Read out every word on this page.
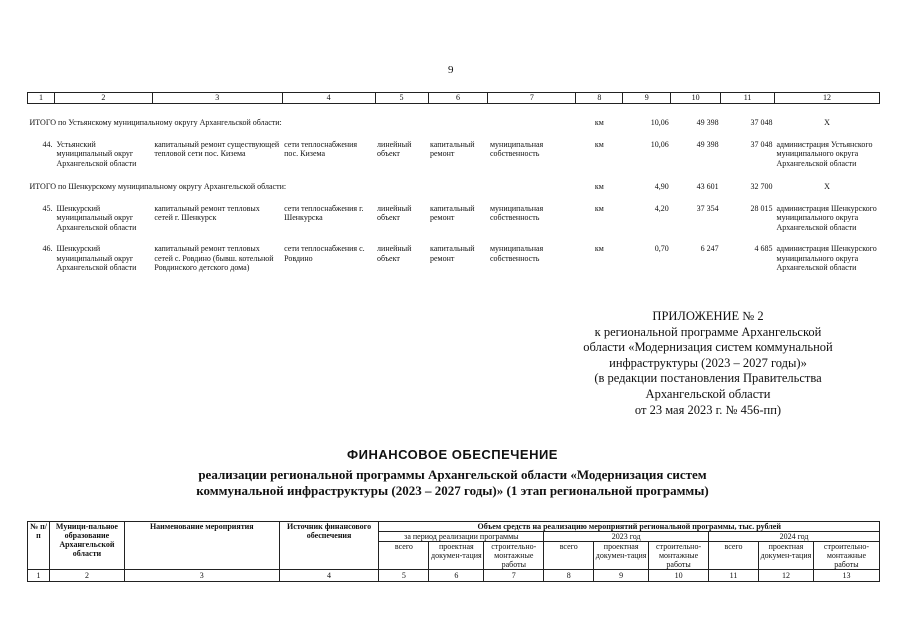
9
1	2	3	4	5	6	7	8	9	10	11	12
ИТОГО по Устьянскому муниципальному округу Архангельской области:							км	10,06	49 398	37 048	Х
44.	Устьянский муниципальный округ Архангельской области	капитальный ремонт существующей тепловой сети пос. Кизема	сети теплоснабжения пос. Кизема	линейный объект	капитальный ремонт	муниципальная собственность	км	10,06	49 398	37 048	администрация Устьянского муниципального округа Архангельской области
ИТОГО по Шенкурскому муниципальному округу Архангельской области:							км	4,90	43 601	32 700	Х
45.	Шенкурский муниципальный округ Архангельской области	капитальный ремонт тепловых сетей г. Шенкурск	сети теплоснабжения г. Шенкурска	линейный объект	капитальный ремонт	муниципальная собственность	км	4,20	37 354	28 015	администрация Шенкурского муниципального округа Архангельской области
46.	Шенкурский муниципальный округ Архангельской области	капитальный ремонт тепловых сетей с. Ровдино (бывш. котельной Ровдинского детского дома)	сети теплоснабжения с. Ровдино	линейный объект	капитальный ремонт	муниципальная собственность	км	0,70	6 247	4 685	администрация Шенкурского муниципального округа Архангельской области
ПРИЛОЖЕНИЕ № 2
к региональной программе Архангельской
области «Модернизация систем коммунальной
инфраструктуры (2023 – 2027 годы)»
(в редакции постановления Правительства
Архангельской области
от 23 мая 2023 г. № 456-пп)
ФИНАНСОВОЕ ОБЕСПЕЧЕНИЕ
реализации региональной программы Архангельской области «Модернизация систем
коммунальной инфраструктуры (2023 – 2027 годы)» (1 этап региональной программы)
№ п/п	Муници-пальное образование Архангельской области	Наименование мероприятия	Источник финансового обеспечения	Объем средств на реализацию мероприятий региональной программы, тыс. рублей								
				за период реализации программы			2023 год			2024 год		
				всего	проектная докумен-тация	строительно-монтажные работы	всего	проектная докумен-тация	строительно-монтажные работы	всего	проектная докумен-тация	строительно-монтажные работы
1	2	3	4	5	6	7	8	9	10	11	12	13
